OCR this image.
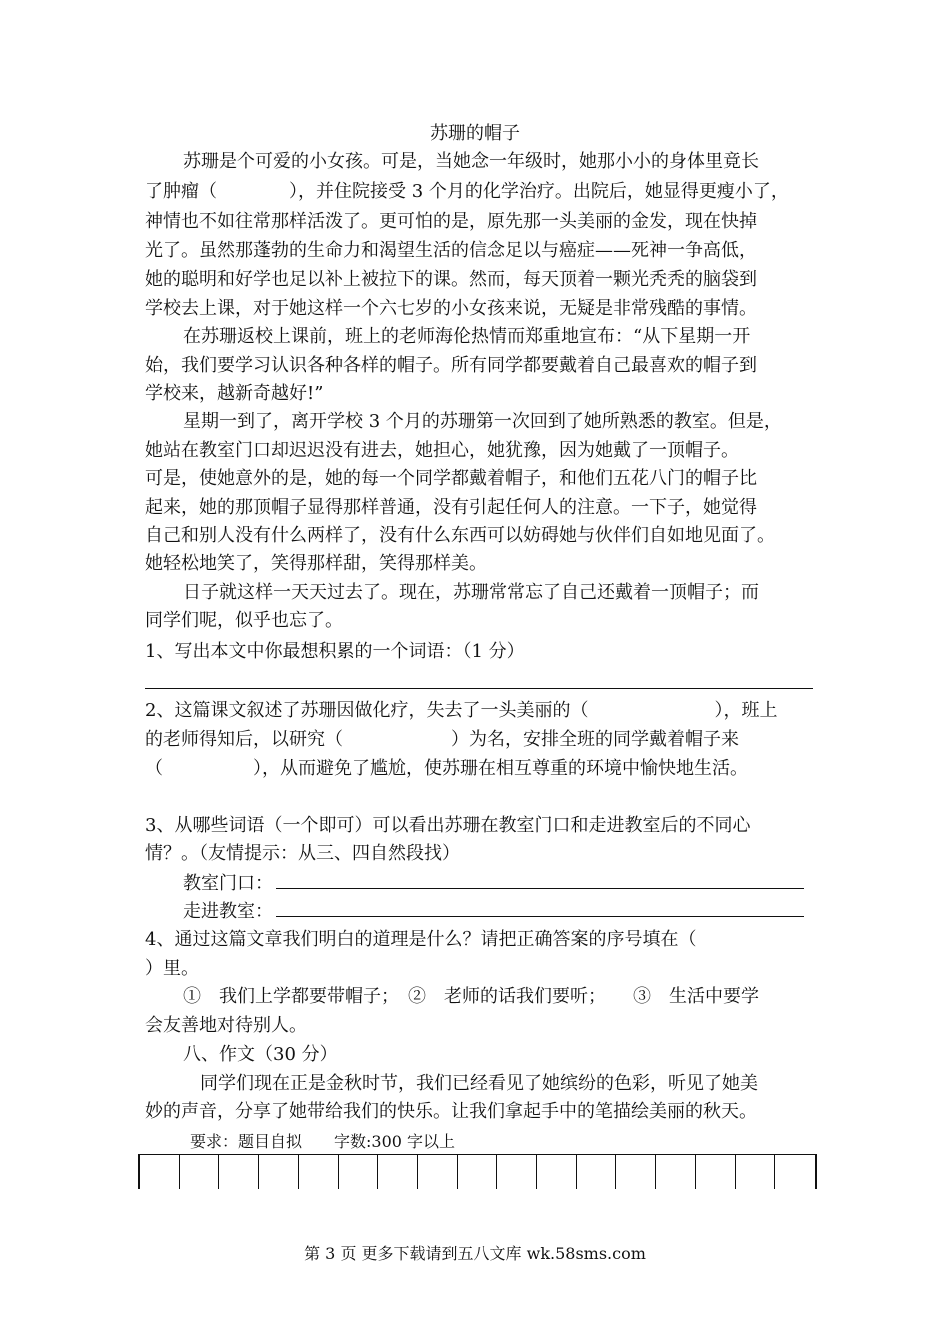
苏珊的帽子
苏珊是个可爱的小女孩。可是，当她念一年级时，她那小小的身体里竟长
了肿瘤（　　　　），并住院接受 3 个月的化学治疗。出院后，她显得更瘦小了，
神情也不如往常那样活泼了。更可怕的是，原先那一头美丽的金发，现在快掉
光了。虽然那蓬勃的生命力和渴望生活的信念足以与癌症——死神一争高低，
她的聪明和好学也足以补上被拉下的课。然而，每天顶着一颗光秃秃的脑袋到
学校去上课，对于她这样一个六七岁的小女孩来说，无疑是非常残酷的事情。
在苏珊返校上课前，班上的老师海伦热情而郑重地宣布：“从下星期一开
始，我们要学习认识各种各样的帽子。所有同学都要戴着自己最喜欢的帽子到
学校来，越新奇越好!”
星期一到了，离开学校 3 个月的苏珊第一次回到了她所熟悉的教室。但是，
她站在教室门口却迟迟没有进去，她担心，她犹豫，因为她戴了一顶帽子。
可是，使她意外的是，她的每一个同学都戴着帽子，和他们五花八门的帽子比
起来，她的那顶帽子显得那样普通，没有引起任何人的注意。一下子，她觉得
自己和别人没有什么两样了，没有什么东西可以妨碍她与伙伴们自如地见面了。
她轻松地笑了，笑得那样甜，笑得那样美。
日子就这样一天天过去了。现在，苏珊常常忘了自己还戴着一顶帽子；而
同学们呢，似乎也忘了。
1、写出本文中你最想积累的一个词语：（1 分）
2、这篇课文叙述了苏珊因做化疗，失去了一头美丽的（　　　　　　　），班上
的老师得知后，以研究（　　　　　　）为名，安排全班的同学戴着帽子来
（　　　　　），从而避免了尴尬，使苏珊在相互尊重的环境中愉快地生活。
3、从哪些词语（一个即可）可以看出苏珊在教室门口和走进教室后的不同心
情？。（友情提示：从三、四自然段找）
教室门口：
走进教室：
4、通过这篇文章我们明白的道理是什么？请把正确答案的序号填在（
）里。
①　我们上学都要带帽子；　②　老师的话我们要听；　　③　生活中要学
会友善地对待别人。
八、作文（30 分）
同学们现在正是金秋时节，我们已经看见了她缤纷的色彩，听见了她美
妙的声音，分享了她带给我们的快乐。让我们拿起手中的笔描绘美丽的秋天。
要求：题目自拟　　字数:300 字以上
第 3 页 更多下载请到五八文库 wk.58sms.com
